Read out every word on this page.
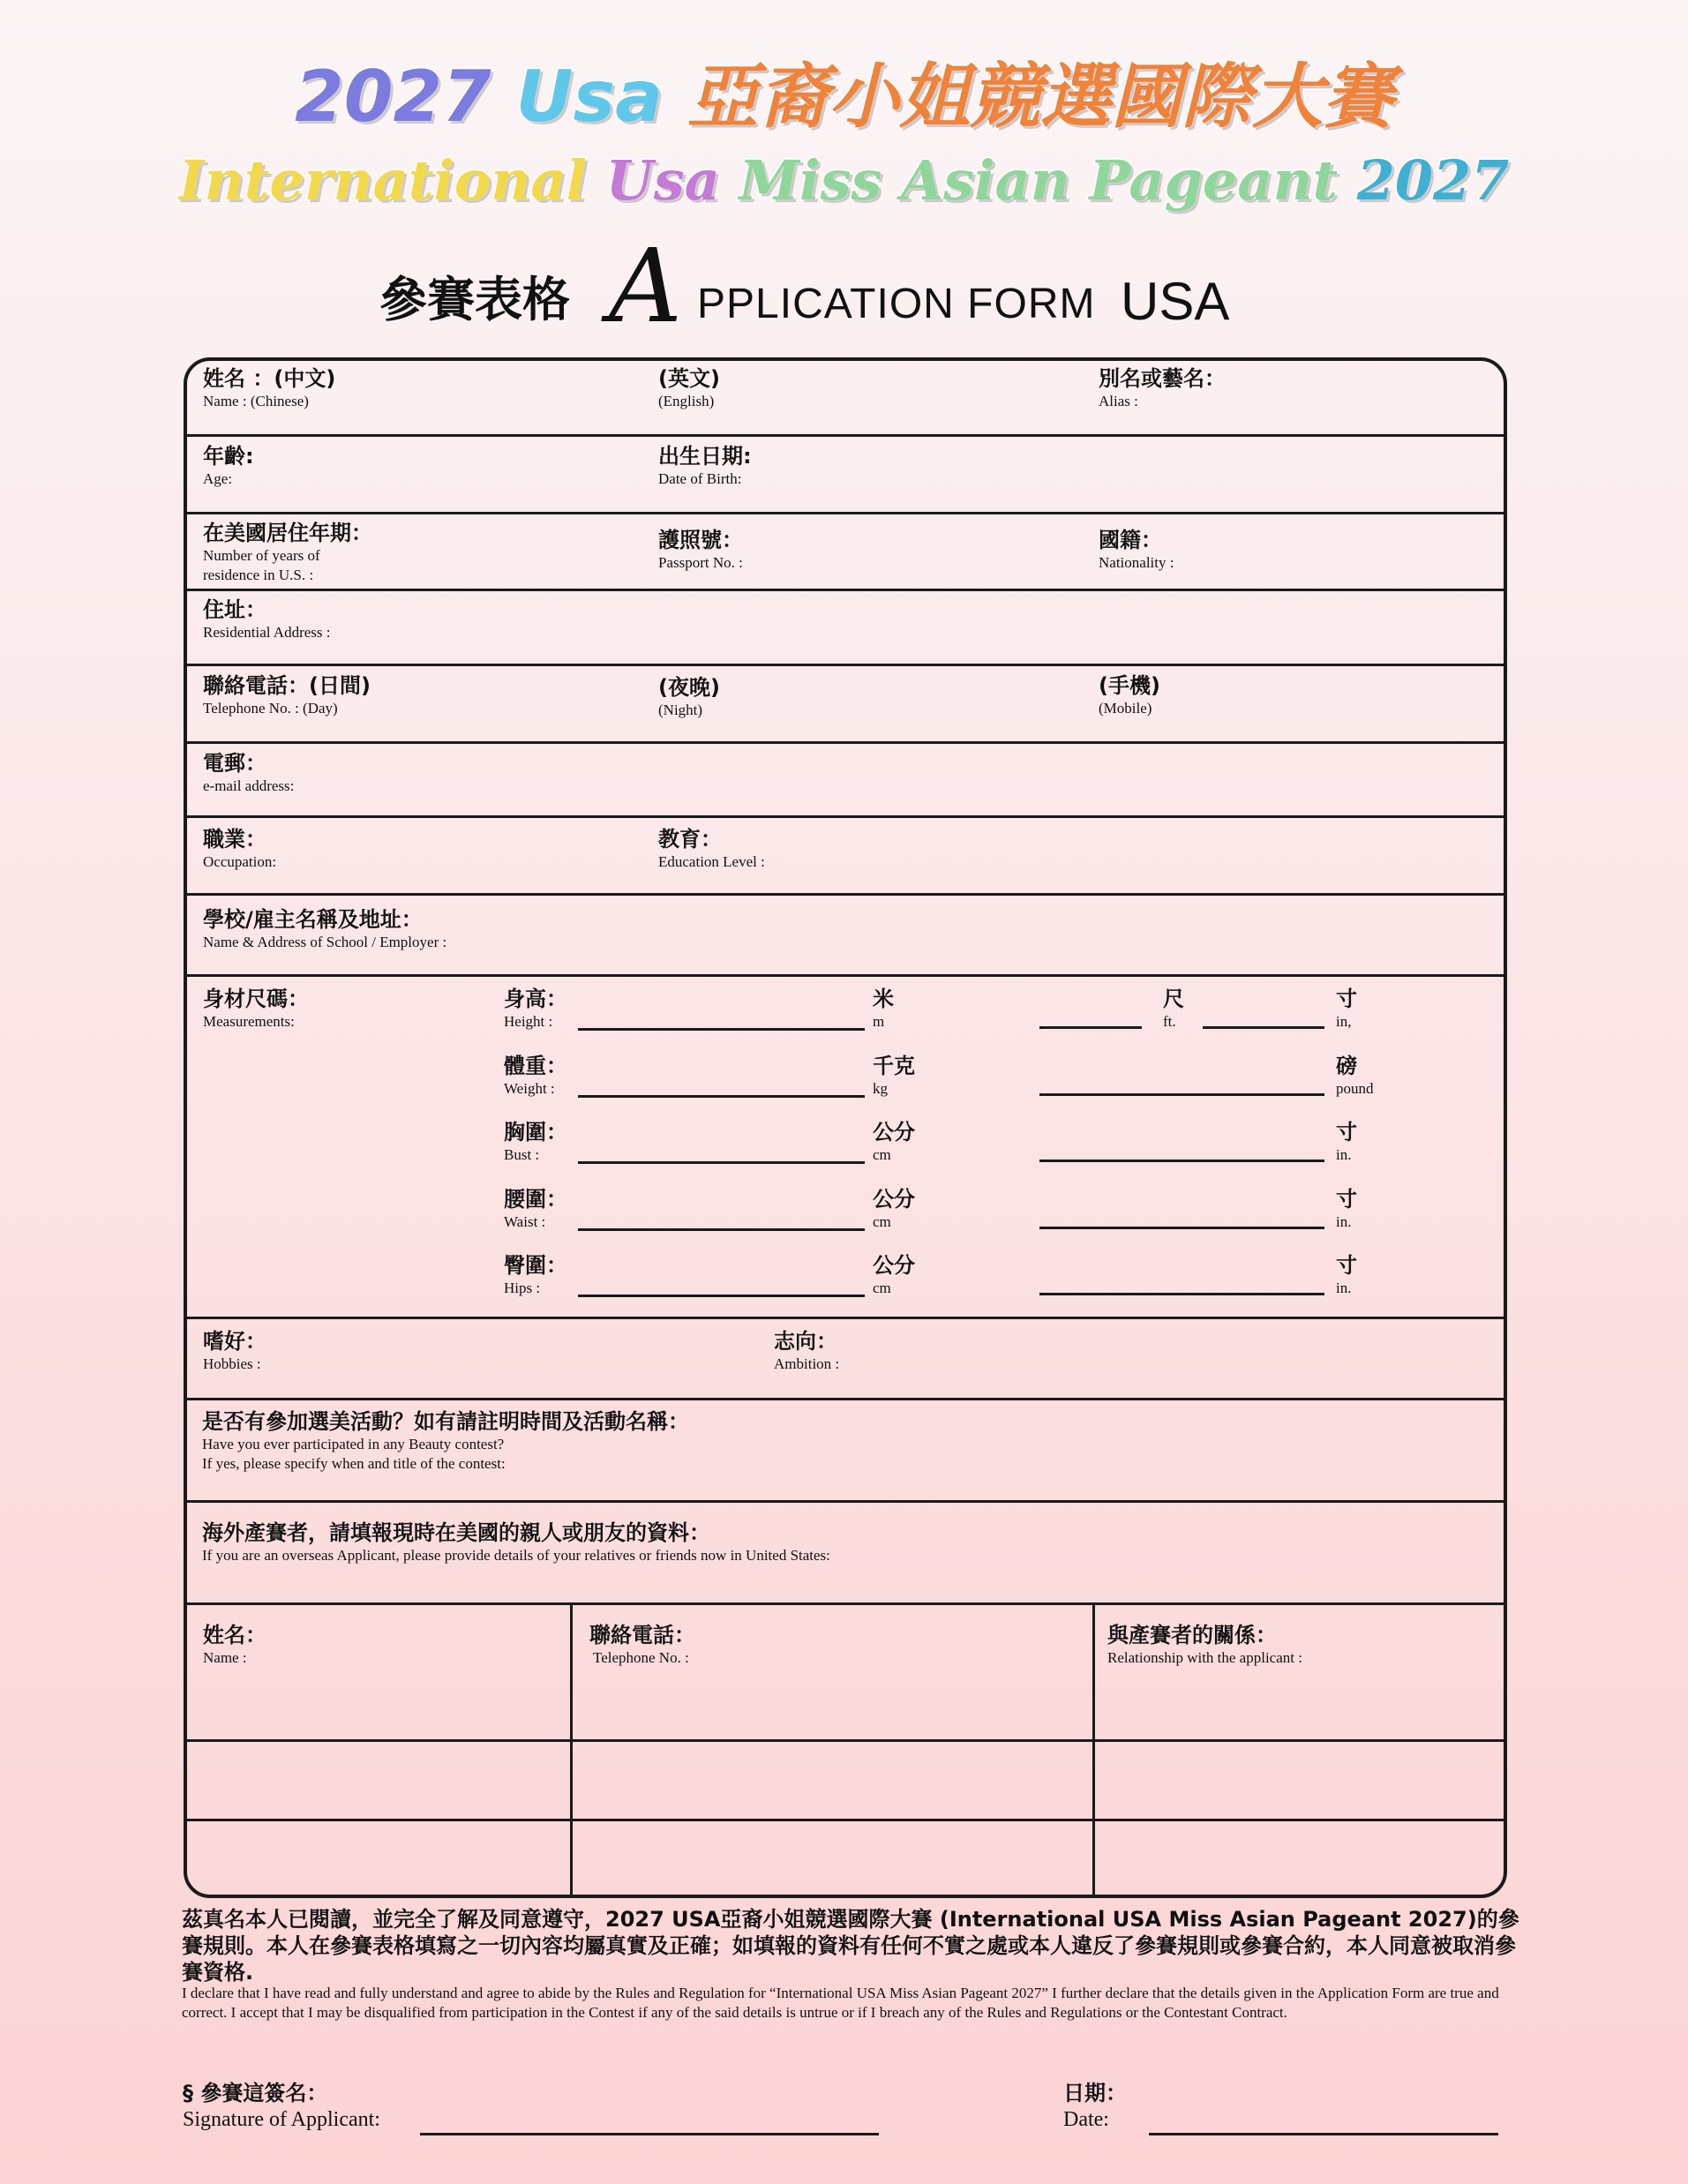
2027 Usa 亞裔小姐競選國際大賽
International Usa Miss Asian Pageant 2027
參賽表格 A PPLICATION FORM USA
姓名 ：(中文)
Name : (Chinese)
(英文)
(English)
別名或藝名：
Alias :
年齡:
Age:
出生日期:
Date of Birth:
在美國居住年期：
Number of years of
residence in U.S. :
護照號：
Passport No. :
國籍：
Nationality :
住址：
Residential Address :
聯絡電話：(日間)
Telephone No. : (Day)
(夜晚)
(Night)
(手機)
(Mobile)
電郵：
e-mail address:
職業：
Occupation:
教育：
Education Level :
學校/雇主名稱及地址：
Name & Address of School / Employer :
身材尺碼：
Measurements:
身高：
Height :
米
m
尺
ft.
寸
in,
體重：
Weight :
千克
kg
磅
pound
胸圍：
Bust :
公分
cm
寸
in.
腰圍：
Waist :
公分
cm
寸
in.
臀圍：
Hips :
公分
cm
寸
in.
嗜好：
Hobbies :
志向：
Ambition :
是否有參加選美活動？如有請註明時間及活動名稱：
Have you ever participated in any Beauty contest?
If yes, please specify when and title of the contest:
海外產賽者，請填報現時在美國的親人或朋友的資料：
If you are an overseas Applicant, please provide details of your relatives or friends now in United States:
姓名：
Name :
聯絡電話：
Telephone No. :
與產賽者的關係：
Relationship with the applicant :
茲真名本人已閱讀，並完全了解及同意遵守，2027 USA亞裔小姐競選國際大賽 (International USA Miss Asian Pageant 2027)的參賽規則。本人在參賽表格填寫之一切內容均屬真實及正確；如填報的資料有任何不實之處或本人違反了參賽規則或參賽合約，本人同意被取消參賽資格.
I declare that I have read and fully understand and agree to abide by the Rules and Regulation for “International USA Miss Asian Pageant 2027” I further declare that the details given in the Application Form are true and correct. I accept that I may be disqualified from participation in the Contest if any of the said details is untrue or if I breach any of the Rules and Regulations or the Contestant Contract.
§ 參賽這簽名：
Signature of Applicant:
日期：
Date:
